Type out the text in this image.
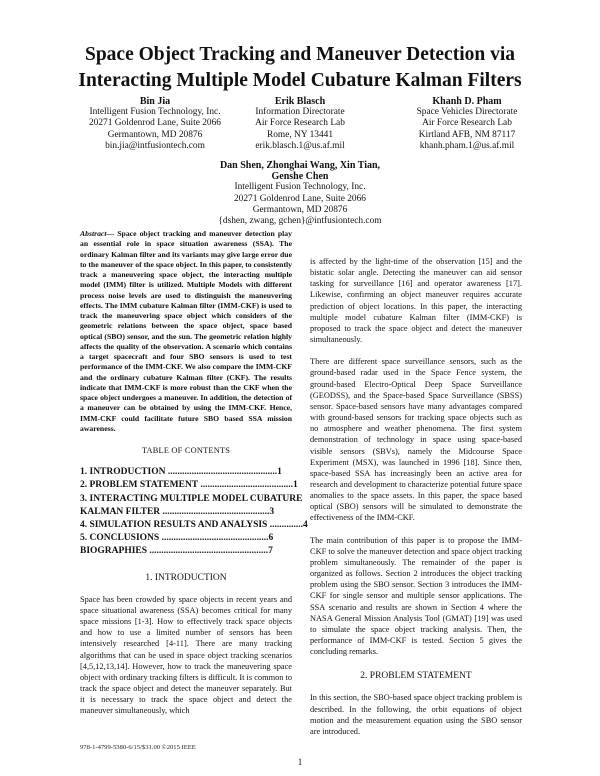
Space Object Tracking and Maneuver Detection via
Interacting Multiple Model Cubature Kalman Filters
Bin Jia
Intelligent Fusion Technology, Inc.
20271 Goldenrod Lane, Suite 2066
Germantown, MD 20876
bin.jia@intfusiontech.com
Erik Blasch
Information Directorate
Air Force Research Lab
Rome, NY 13441
erik.blasch.1@us.af.mil
Khanh D. Pham
Space Vehicles Directorate
Air Force Research Lab
Kirtland AFB, NM 87117
khanh.pham.1@us.af.mil
Dan Shen, Zhonghai Wang, Xin Tian,
Genshe Chen
Intelligent Fusion Technology, Inc.
20271 Goldenrod Lane, Suite 2066
Germantown, MD 20876
{dshen, zwang, gchen}@intfusiontech.com
Abstract— Space object tracking and maneuver detection play an essential role in space situation awareness (SSA). The ordinary Kalman filter and its variants may give large error due to the maneuver of the space object. In this paper, to consistently track a maneuvering space object, the interacting multiple model (IMM) filter is utilized. Multiple Models with different process noise levels are used to distinguish the maneuvering effects. The IMM cubature Kalman filter (IMM-CKF) is used to track the maneuvering space object which considers of the geometric relations between the space object, space based optical (SBO) sensor, and the sun. The geometric relation highly affects the quality of the observation. A scenario which contains a target spacecraft and four SBO sensors is used to test performance of the IMM-CKF. We also compare the IMM-CKF and the ordinary cubature Kalman filter (CKF). The results indicate that IMM-CKF is more robust than the CKF when the space object undergoes a maneuver. In addition, the detection of a maneuver can be obtained by using the IMM-CKF. Hence, IMM-CKF could facilitate future SBO based SSA mission awareness.
TABLE OF CONTENTS
1. INTRODUCTION ..............................................1
2. PROBLEM STATEMENT .......................................1
3. INTERACTING MULTIPLE MODEL CUBATURE
KALMAN FILTER .............................................3
4. SIMULATION RESULTS AND ANALYSIS ..............4
5. CONCLUSIONS .............................................6
BIOGRAPHIES ..................................................7
1. INTRODUCTION
Space has been crowded by space objects in recent years and space situational awareness (SSA) becomes critical for many space missions [1-3]. How to effectively track space objects and how to use a limited number of sensors has been intensively researched [4-11]. There are many tracking algorithms that can be used in space object tracking scenarios [4,5,12,13,14]. However, how to track the maneuvering space object with ordinary tracking filters is difficult. It is common to track the space object and detect the maneuver separately. But it is necessary to track the space object and detect the maneuver simultaneously, which
is affected by the light-time of the observation [15] and the bistatic solar angle. Detecting the maneuver can aid sensor tasking for surveillance [16] and operator awareness [17]. Likewise, confirming an object maneuver requires accurate prediction of object locations. In this paper, the interacting multiple model cubature Kalman filter (IMM-CKF) is proposed to track the space object and detect the maneuver simultaneously.
There are different space surveillance sensors, such as the ground-based radar used in the Space Fence system, the ground-based Electro-Optical Deep Space Surveillance (GEODSS), and the Space-based Space Surveillance (SBSS) sensor. Space-based sensors have many advantages compared with ground-based sensors for tracking space objects such as no atmosphere and weather phenomena. The first system demonstration of technology in space using space-based visible sensors (SBVs), namely the Midcourse Space Experiment (MSX), was launched in 1996 [18]. Since then, space-based SSA has increasingly been an active area for research and development to characterize potential future space anomalies to the space assets. In this paper, the space based optical (SBO) sensors will be simulated to demonstrate the effectiveness of the IMM-CKF.
The main contribution of this paper is to propose the IMM-CKF to solve the maneuver detection and space object tracking problem simultaneously. The remainder of the paper is organized as follows. Section 2 introduces the object tracking problem using the SBO sensor. Section 3 introduces the IMM-CKF for single sensor and multiple sensor applications. The SSA scenario and results are shown in Section 4 where the NASA General Mission Analysis Tool (GMAT) [19] was used to simulate the space object tracking analysis. Then, the performance of IMM-CKF is tested. Section 5 gives the concluding remarks.
2. PROBLEM STATEMENT
In this section, the SBO-based space object tracking problem is described. In the following, the orbit equations of object motion and the measurement equation using the SBO sensor are introduced.
978-1-4799-5380-6/15/$31.00 ©2015 IEEE
1
